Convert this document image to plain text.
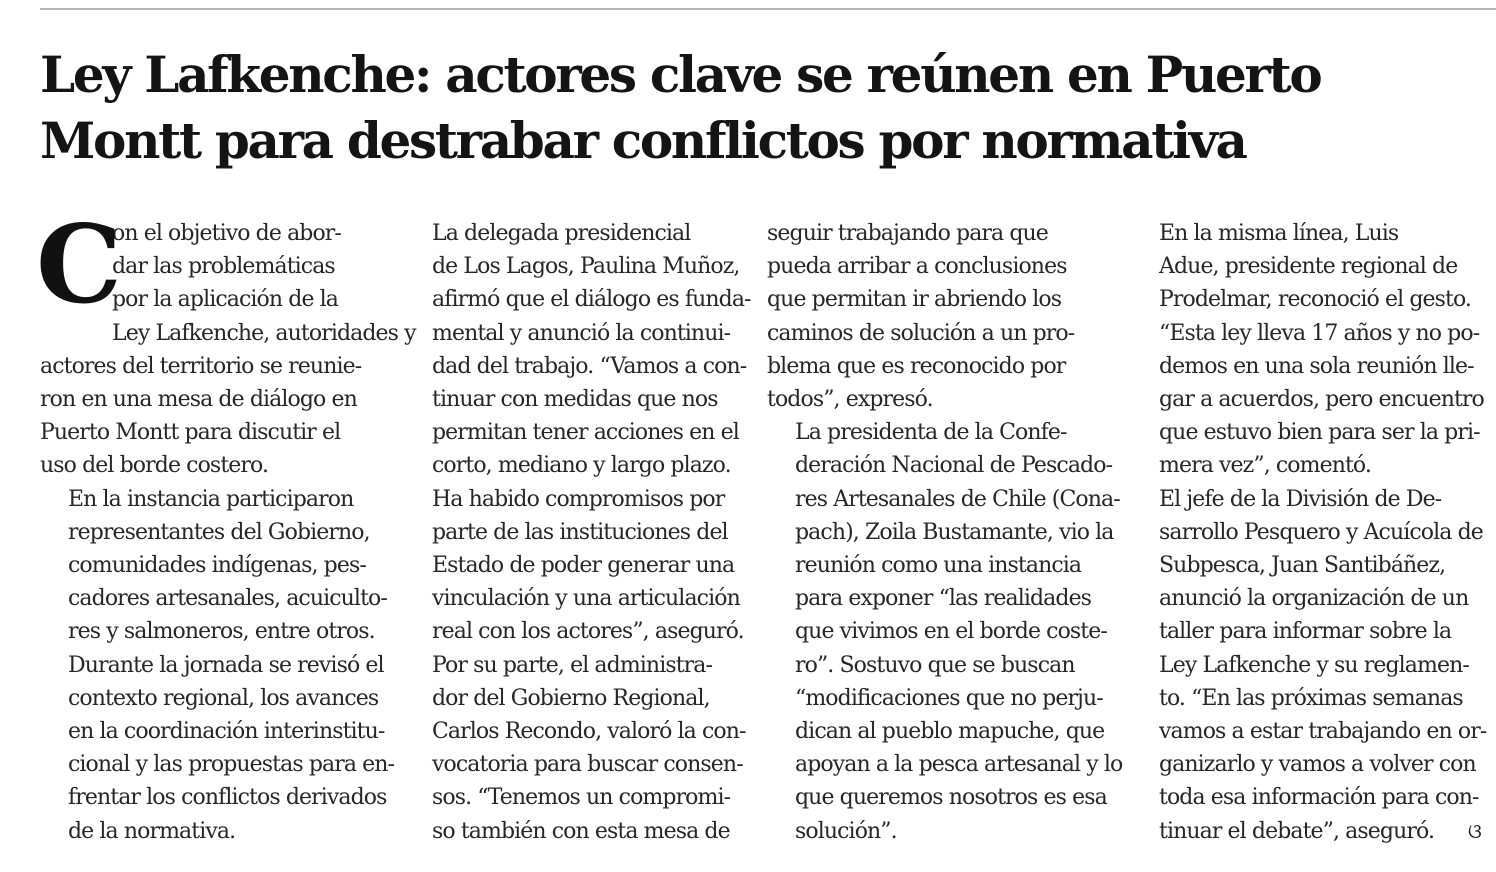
Ley Lafkenche: actores clave se reúnen en Puerto
Montt para destrabar conflictos por normativa

C
on el objetivo de abor-
dar las problemáticas
por la aplicación de la
Ley Lafkenche, autoridades y
actores del territorio se reunie-
ron en una mesa de diálogo en
Puerto Montt para discutir el
uso del borde costero.

En la instancia participaron
representantes del Gobierno,
comunidades indígenas, pes-
cadores artesanales, acuiculto-
res y salmoneros, entre otros.
Durante la jornada se revisó el
contexto regional, los avances
en la coordinación interinstitu-
cional y las propuestas para en-
frentar los conflictos derivados
de la normativa.

La delegada presidencial
de Los Lagos, Paulina Muñoz,
afirmó que el diálogo es funda-
mental y anunció la continui-
dad del trabajo. “Vamos a con-
tinuar con medidas que nos
permitan tener acciones en el
corto, mediano y largo plazo.
Ha habido compromisos por
parte de las instituciones del
Estado de poder generar una
vinculación y una articulación
real con los actores”, aseguró.

Por su parte, el administra-
dor del Gobierno Regional,
Carlos Recondo, valoró la con-
vocatoria para buscar consen-
sos. “Tenemos un compromi-
so también con esta mesa de

seguir trabajando para que
pueda arribar a conclusiones
que permitan ir abriendo los
caminos de solución a un pro-
blema que es reconocido por
todos”, expresó.

La presidenta de la Confe-
deración Nacional de Pescado-
res Artesanales de Chile (Cona-
pach), Zoila Bustamante, vio la
reunión como una instancia
para exponer “las realidades
que vivimos en el borde coste-
ro”. Sostuvo que se buscan
“modificaciones que no perju-
dican al pueblo mapuche, que
apoyan a la pesca artesanal y lo
que queremos nosotros es esa
solución”.

En la misma línea, Luis
Adue, presidente regional de
Prodelmar, reconoció el gesto.
“Esta ley lleva 17 años y no po-
demos en una sola reunión lle-
gar a acuerdos, pero encuentro
que estuvo bien para ser la pri-
mera vez”, comentó.

El jefe de la División de De-
sarrollo Pesquero y Acuícola de
Subpesca, Juan Santibáñez,
anunció la organización de un
taller para informar sobre la
Ley Lafkenche y su reglamen-
to. “En las próximas semanas
vamos a estar trabajando en or-
ganizarlo y vamos a volver con
toda esa información para con-
tinuar el debate”, aseguró. ଓ
